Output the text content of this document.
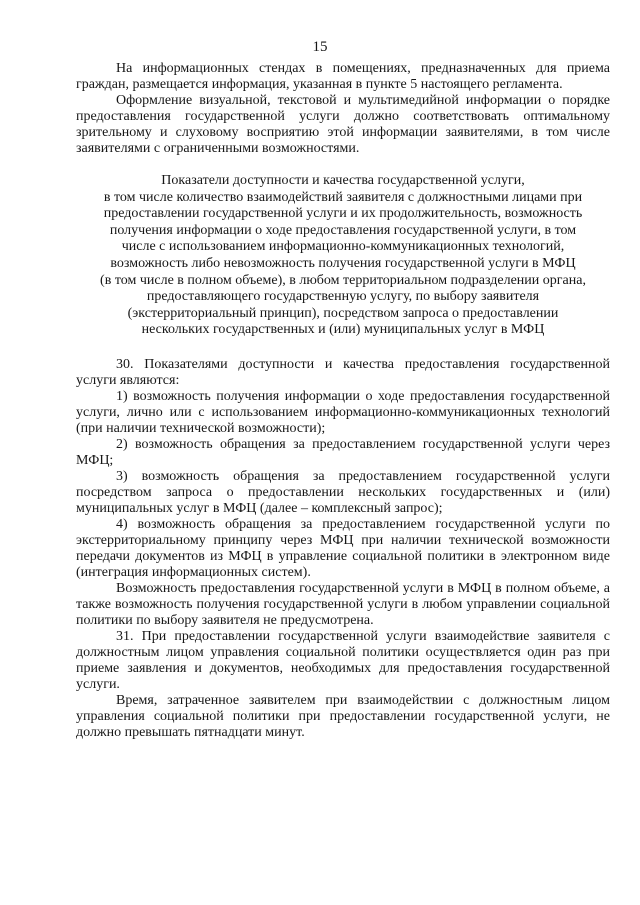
15

На информационных стендах в помещениях, предназначенных для приема граждан, размещается информация, указанная в пункте 5 настоящего регламента.

Оформление визуальной, текстовой и мультимедийной информации о порядке предоставления государственной услуги должно соответствовать оптимальному зрительному и слуховому восприятию этой информации заявителями, в том числе заявителями с ограниченными возможностями.

Показатели доступности и качества государственной услуги,
в том числе количество взаимодействий заявителя с должностными лицами при
предоставлении государственной услуги и их продолжительность, возможность
получения информации о ходе предоставления государственной услуги, в том
числе с использованием информационно-коммуникационных технологий,
возможность либо невозможность получения государственной услуги в МФЦ
(в том числе в полном объеме), в любом территориальном подразделении органа,
предоставляющего государственную услугу, по выбору заявителя
(экстерриториальный принцип), посредством запроса о предоставлении
нескольких государственных и (или) муниципальных услуг в МФЦ

30. Показателями доступности и качества предоставления государственной услуги являются:

1) возможность получения информации о ходе предоставления государственной услуги, лично или с использованием информационно-коммуникационных технологий (при наличии технической возможности);

2) возможность обращения за предоставлением государственной услуги через МФЦ;

3) возможность обращения за предоставлением государственной услуги посредством запроса о предоставлении нескольких государственных и (или) муниципальных услуг в МФЦ (далее – комплексный запрос);

4) возможность обращения за предоставлением государственной услуги по экстерриториальному принципу через МФЦ при наличии технической возможности передачи документов из МФЦ в управление социальной политики в электронном виде (интеграция информационных систем).

Возможность предоставления государственной услуги в МФЦ в полном объеме, а также возможность получения государственной услуги в любом управлении социальной политики по выбору заявителя не предусмотрена.

31. При предоставлении государственной услуги взаимодействие заявителя с должностным лицом управления социальной политики осуществляется один раз при приеме заявления и документов, необходимых для предоставления государственной услуги.

Время, затраченное заявителем при взаимодействии с должностным лицом управления социальной политики при предоставлении государственной услуги, не должно превышать пятнадцати минут.
